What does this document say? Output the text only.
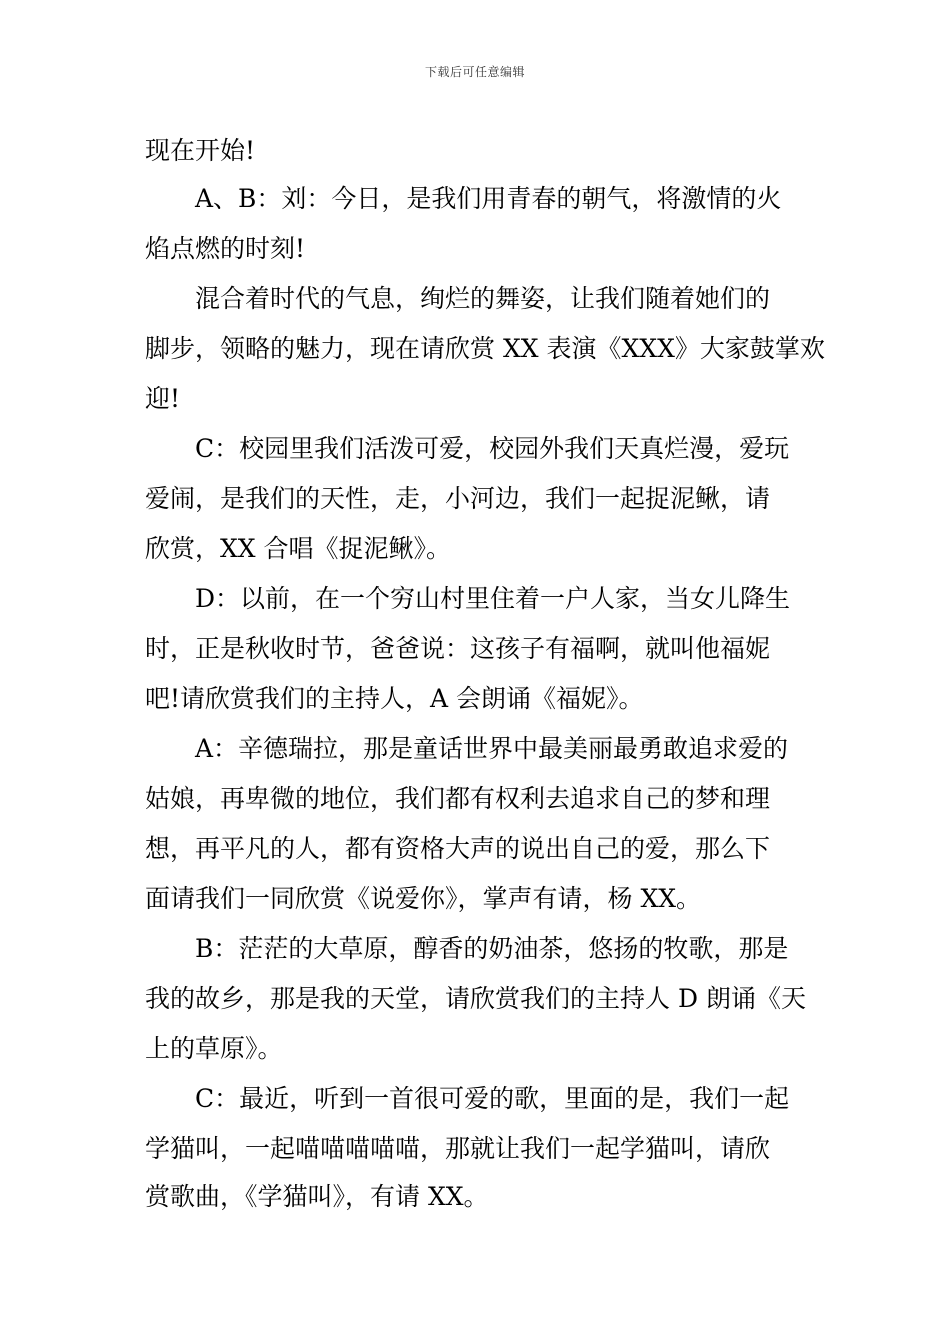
下载后可任意编辑
现在开始!
　　A、B：刘：今日，是我们用青春的朝气，将激情的火
焰点燃的时刻!
　　混合着时代的气息，绚烂的舞姿，让我们随着她们的
脚步，领略的魅力，现在请欣赏 XX 表演《XXX》大家鼓掌欢
迎!
　　C：校园里我们活泼可爱，校园外我们天真烂漫，爱玩
爱闹，是我们的天性，走，小河边，我们一起捉泥鳅，请
欣赏，XX 合唱《捉泥鳅》。
　　D：以前，在一个穷山村里住着一户人家，当女儿降生
时，正是秋收时节，爸爸说：这孩子有福啊，就叫他福妮
吧!请欣赏我们的主持人，A 会朗诵《福妮》。
　　A：辛德瑞拉，那是童话世界中最美丽最勇敢追求爱的
姑娘，再卑微的地位，我们都有权利去追求自己的梦和理
想，再平凡的人，都有资格大声的说出自己的爱，那么下
面请我们一同欣赏《说爱你》，掌声有请，杨 XX。
　　B：茫茫的大草原，醇香的奶油茶，悠扬的牧歌，那是
我的故乡，那是我的天堂，请欣赏我们的主持人 D 朗诵《天
上的草原》。
　　C：最近，听到一首很可爱的歌，里面的是，我们一起
学猫叫，一起喵喵喵喵喵，那就让我们一起学猫叫，请欣
赏歌曲，《学猫叫》，有请 XX。
